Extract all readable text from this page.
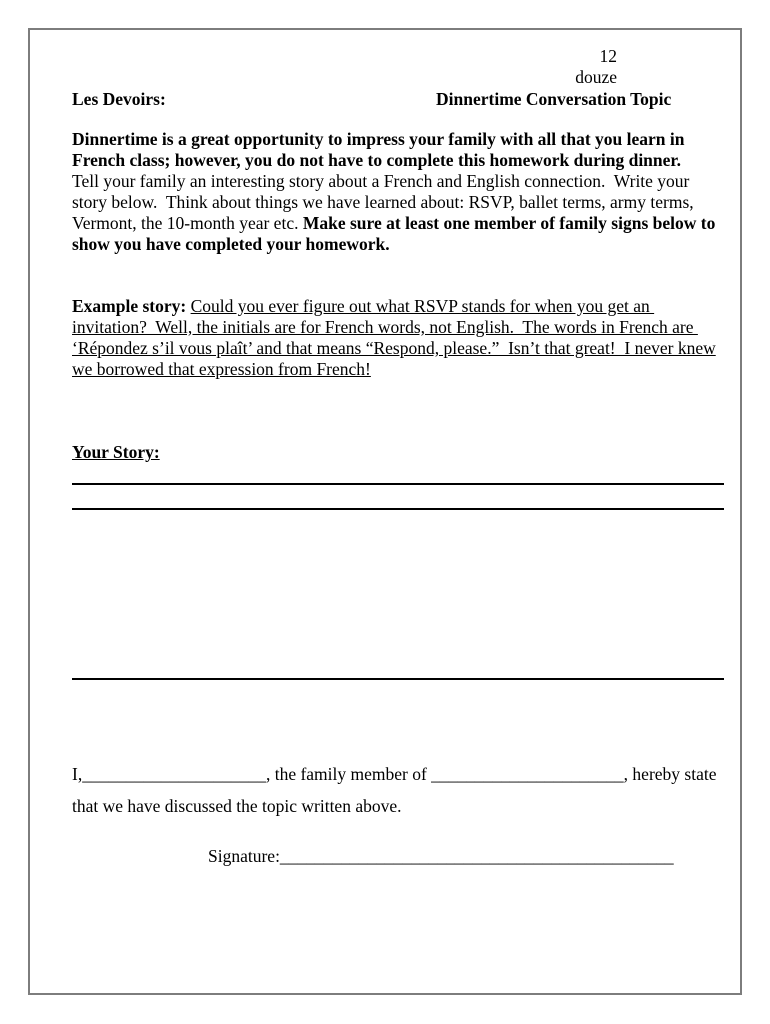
12
douze
Les Devoirs:	Dinnertime Conversation Topic
Dinnertime is a great opportunity to impress your family with all that you learn in
French class; however, you do not have to complete this homework during dinner.
Tell your family an interesting story about a French and English connection.  Write your
story below.  Think about things we have learned about: RSVP, ballet terms, army terms,
Vermont, the 10-month year etc. Make sure at least one member of family signs below to
show you have completed your homework.
Example story: Could you ever figure out what RSVP stands for when you get an
invitation?  Well, the initials are for French words, not English.  The words in French are
‘Répondez s’il vous plaît’ and that means “Respond, please.”  Isn’t that great!  I never knew
we borrowed that expression from French!
Your Story:
I,_____________________, the family member of ______________________, hereby state
that we have discussed the topic written above.
Signature:_____________________________________________
